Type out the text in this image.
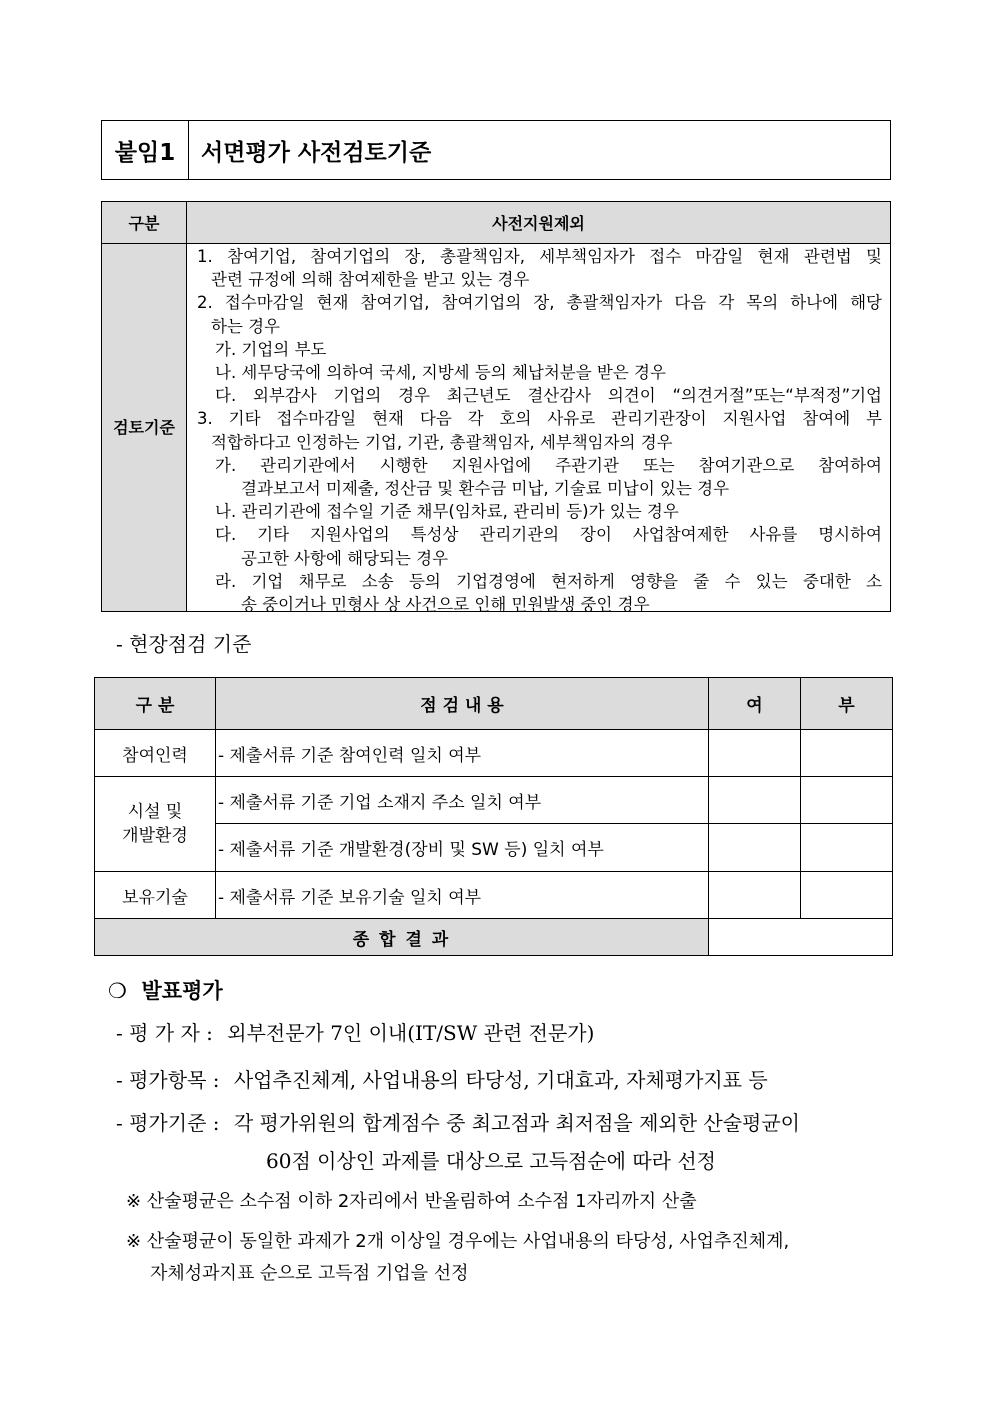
붙임1	서면평가 사전검토기준
구분	사전지원제외
검토기준
1. 참여기업, 참여기업의 장, 총괄책임자, 세부책임자가 접수 마감일 현재 관련법 및
관련 규정에 의해 참여제한을 받고 있는 경우
2. 접수마감일 현재 참여기업, 참여기업의 장, 총괄책임자가 다음 각 목의 하나에 해당
하는 경우
가. 기업의 부도
나. 세무당국에 의하여 국세, 지방세 등의 체납처분을 받은 경우
다. 외부감사 기업의 경우 최근년도 결산감사 의견이 “의견거절”또는“부적정”기업
3. 기타 접수마감일 현재 다음 각 호의 사유로 관리기관장이 지원사업 참여에 부
적합하다고 인정하는 기업, 기관, 총괄책임자, 세부책임자의 경우
가. 관리기관에서 시행한 지원사업에 주관기관 또는 참여기관으로 참여하여
결과보고서 미제출, 정산금 및 환수금 미납, 기술료 미납이 있는 경우
나. 관리기관에 접수일 기준 채무(임차료, 관리비 등)가 있는 경우
다. 기타 지원사업의 특성상 관리기관의 장이 사업참여제한 사유를 명시하여
공고한 사항에 해당되는 경우
라. 기업 채무로 소송 등의 기업경영에 현저하게 영향을 줄 수 있는 중대한 소
송 중이거나 민형사 상 사건으로 인해 민원발생 중인 경우
- 현장점검 기준
구 분	점 검 내 용	여	부
참여인력	- 제출서류 기준 참여인력 일치 여부
시설 및
개발환경
- 제출서류 기준 기업 소재지 주소 일치 여부
- 제출서류 기준 개발환경(장비 및 SW 등) 일치 여부
보유기술	- 제출서류 기준 보유기술 일치 여부
종 합 결 과
❍ 발표평가
- 평 가 자 : 외부전문가 7인 이내(IT/SW 관련 전문가)
- 평가항목 : 사업추진체계, 사업내용의 타당성, 기대효과, 자체평가지표 등
- 평가기준 : 각 평가위원의 합계점수 중 최고점과 최저점을 제외한 산술평균이
60점 이상인 과제를 대상으로 고득점순에 따라 선정
※ 산술평균은 소수점 이하 2자리에서 반올림하여 소수점 1자리까지 산출
※ 산술평균이 동일한 과제가 2개 이상일 경우에는 사업내용의 타당성, 사업추진체계,
자체성과지표 순으로 고득점 기업을 선정
